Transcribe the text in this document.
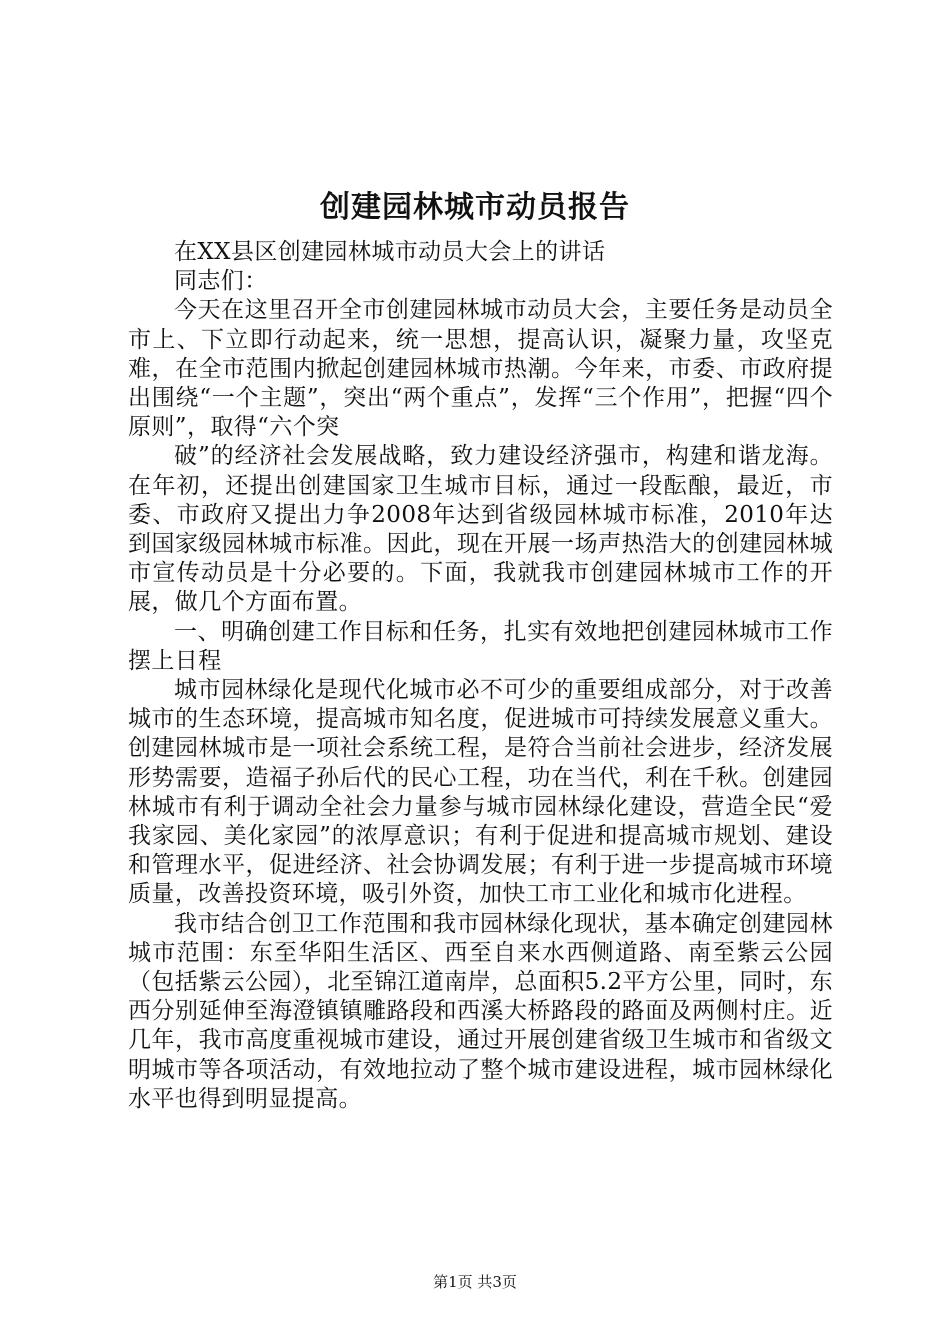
创建园林城市动员报告

在XX县区创建园林城市动员大会上的讲话

同志们：

今天在这里召开全市创建园林城市动员大会，主要任务是动员全市上、下立即行动起来，统一思想，提高认识，凝聚力量，攻坚克难，在全市范围内掀起创建园林城市热潮。今年来，市委、市政府提出围绕“一个主题”，突出“两个重点”，发挥“三个作用”，把握“四个原则”，取得“六个突

破”的经济社会发展战略，致力建设经济强市，构建和谐龙海。在年初，还提出创建国家卫生城市目标，通过一段酝酿，最近，市委、市政府又提出力争2008年达到省级园林城市标准，2010年达到国家级园林城市标准。因此，现在开展一场声热浩大的创建园林城市宣传动员是十分必要的。下面，我就我市创建园林城市工作的开展，做几个方面布置。

一、明确创建工作目标和任务，扎实有效地把创建园林城市工作摆上日程

城市园林绿化是现代化城市必不可少的重要组成部分，对于改善城市的生态环境，提高城市知名度，促进城市可持续发展意义重大。创建园林城市是一项社会系统工程，是符合当前社会进步，经济发展形势需要，造福子孙后代的民心工程，功在当代，利在千秋。创建园林城市有利于调动全社会力量参与城市园林绿化建设，营造全民“爱我家园、美化家园”的浓厚意识；有利于促进和提高城市规划、建设和管理水平，促进经济、社会协调发展；有利于进一步提高城市环境质量，改善投资环境，吸引外资，加快工市工业化和城市化进程。

我市结合创卫工作范围和我市园林绿化现状，基本确定创建园林城市范围：东至华阳生活区、西至自来水西侧道路、南至紫云公园（包括紫云公园），北至锦江道南岸，总面积5.2平方公里，同时，东西分别延伸至海澄镇镇雕路段和西溪大桥路段的路面及两侧村庄。近几年，我市高度重视城市建设，通过开展创建省级卫生城市和省级文明城市等各项活动，有效地拉动了整个城市建设进程，城市园林绿化水平也得到明显提高。

第1页 共3页
